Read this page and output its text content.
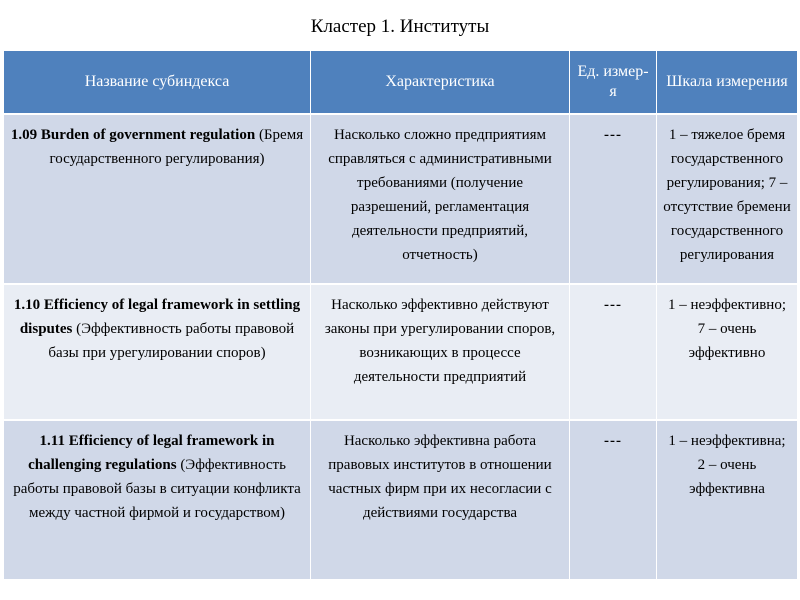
Кластер 1. Институты
Название субиндекса	Характеристика	Ед. измер-я	Шкала измерения
1.09 Burden of government regulation (Бремя государственного регулирования)	Насколько сложно предприятиям справляться с административными требованиями (получение разрешений, регламентация деятельности предприятий, отчетность)	---	1 – тяжелое бремя государственного регулирования; 7 – отсутствие бремени государственного регулирования
1.10 Efficiency of legal framework in settling disputes (Эффективность работы правовой базы при урегулировании споров)	Насколько эффективно действуют законы при урегулировании споров, возникающих в процессе деятельности предприятий	---	1 – неэффективно; 7 – очень эффективно
1.11 Efficiency of legal framework in challenging regulations (Эффективность работы правовой базы в ситуации конфликта между частной фирмой и государством)	Насколько эффективна работа правовых институтов в отношении частных фирм при их несогласии с действиями государства	---	1 – неэффективна; 2 – очень эффективна
